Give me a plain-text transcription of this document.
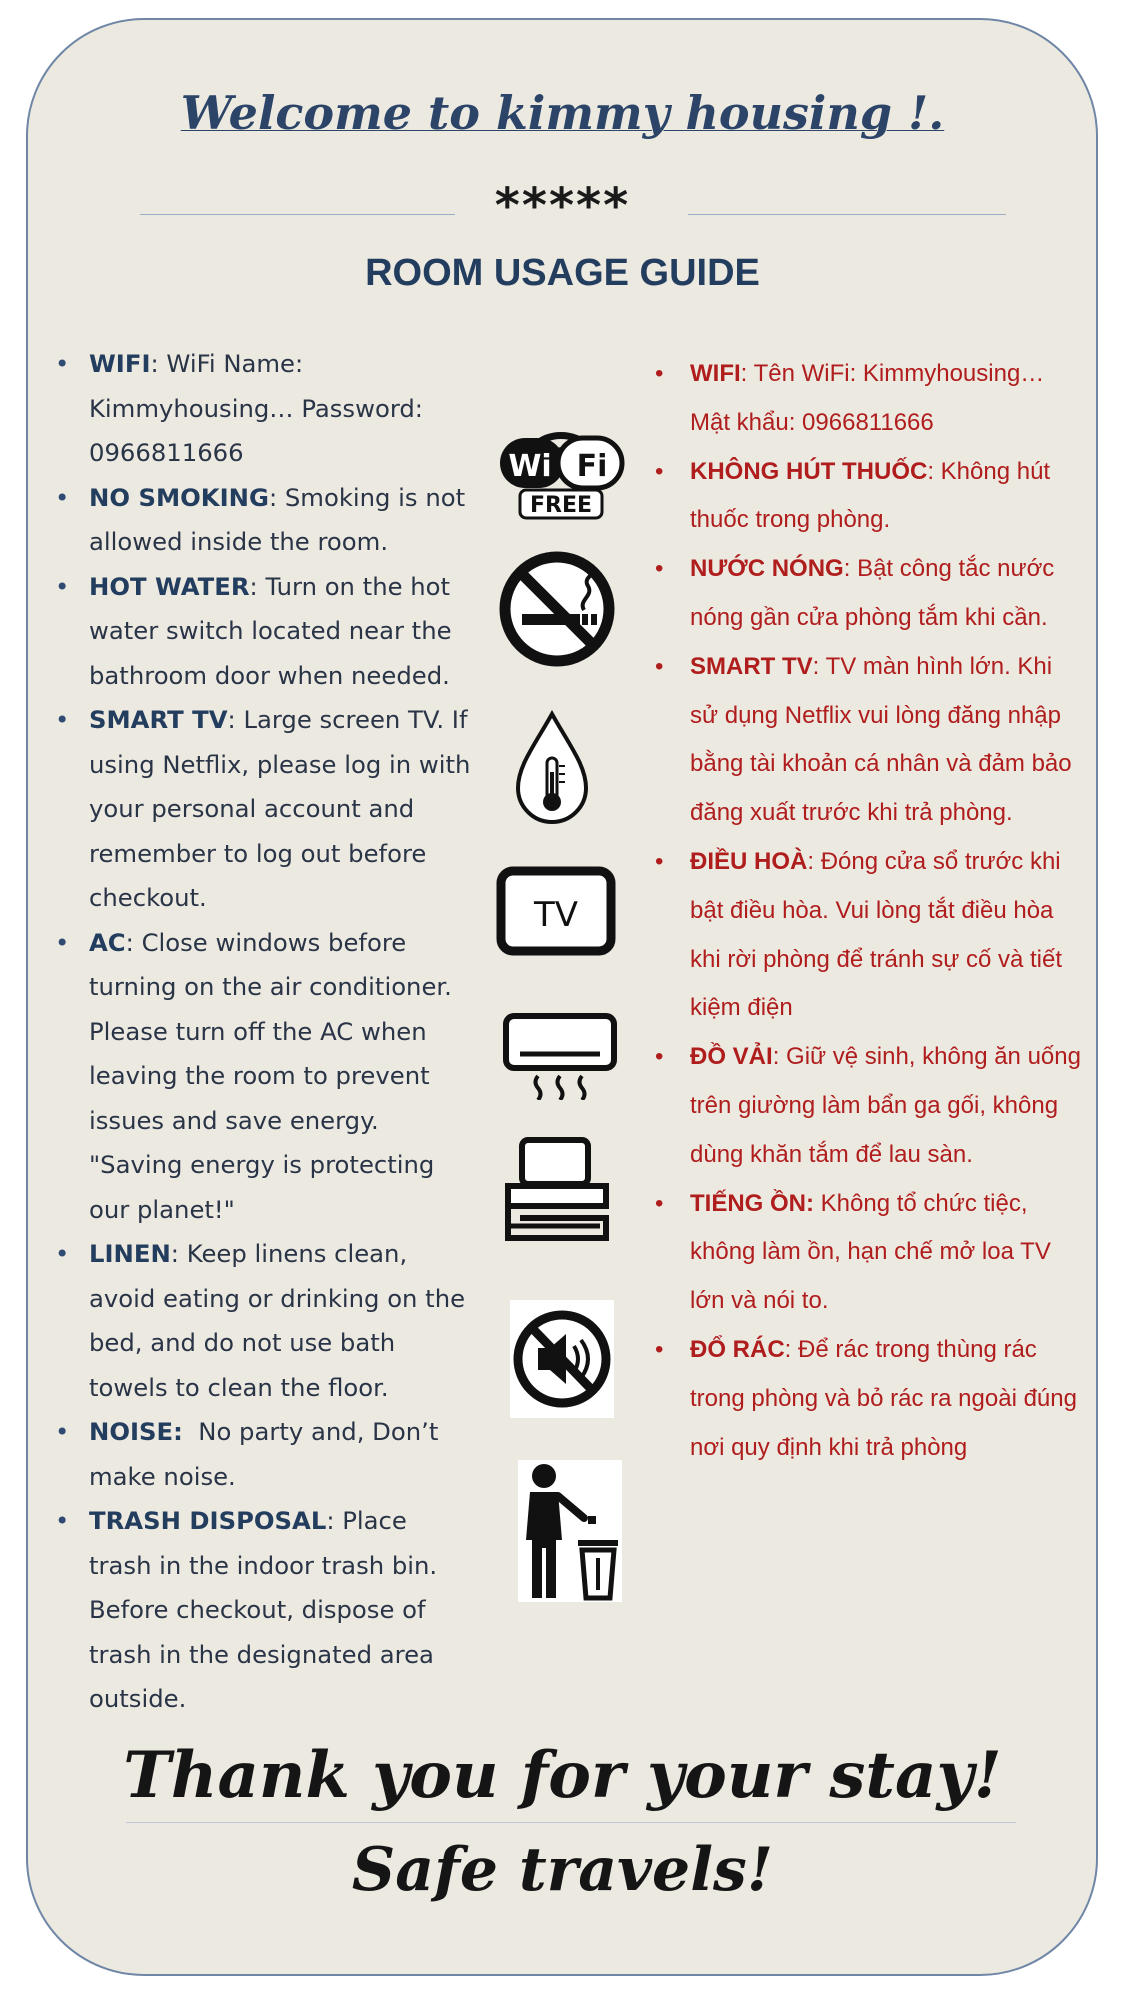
Welcome to kimmy housing !.
*****
ROOM USAGE GUIDE
• WIFI: WiFi Name: Kimmyhousing… Password: 0966811666
• NO SMOKING: Smoking is not allowed inside the room.
• HOT WATER: Turn on the hot water switch located near the bathroom door when needed.
• SMART TV: Large screen TV. If using Netflix, please log in with your personal account and remember to log out before checkout.
• AC: Close windows before turning on the air conditioner. Please turn off the AC when leaving the room to prevent issues and save energy. "Saving energy is protecting our planet!"
• LINEN: Keep linens clean, avoid eating or drinking on the bed, and do not use bath towels to clean the floor.
• NOISE: No party and, Don’t make noise.
• TRASH DISPOSAL: Place trash in the indoor trash bin. Before checkout, dispose of trash in the designated area outside.
• WIFI: Tên WiFi: Kimmyhousing… Mật khẩu: 0966811666
• KHÔNG HÚT THUỐC: Không hút thuốc trong phòng.
• NƯỚC NÓNG: Bật công tắc nước nóng gần cửa phòng tắm khi cần.
• SMART TV: TV màn hình lớn. Khi sử dụng Netflix vui lòng đăng nhập bằng tài khoản cá nhân và đảm bảo đăng xuất trước khi trả phòng.
• ĐIỀU HOÀ: Đóng cửa sổ trước khi bật điều hòa. Vui lòng tắt điều hòa khi rời phòng để tránh sự cố và tiết kiệm điện
• ĐỒ VẢI: Giữ vệ sinh, không ăn uống trên giường làm bẩn ga gối, không dùng khăn tắm để lau sàn.
• TIẾNG ỒN: Không tổ chức tiệc, không làm ồn, hạn chế mở loa TV lớn và nói to.
• ĐỔ RÁC: Để rác trong thùng rác trong phòng và bỏ rác ra ngoài đúng nơi quy định khi trả phòng
Wi Fi
FREE
TV
Thank you for your stay!
Safe travels!
